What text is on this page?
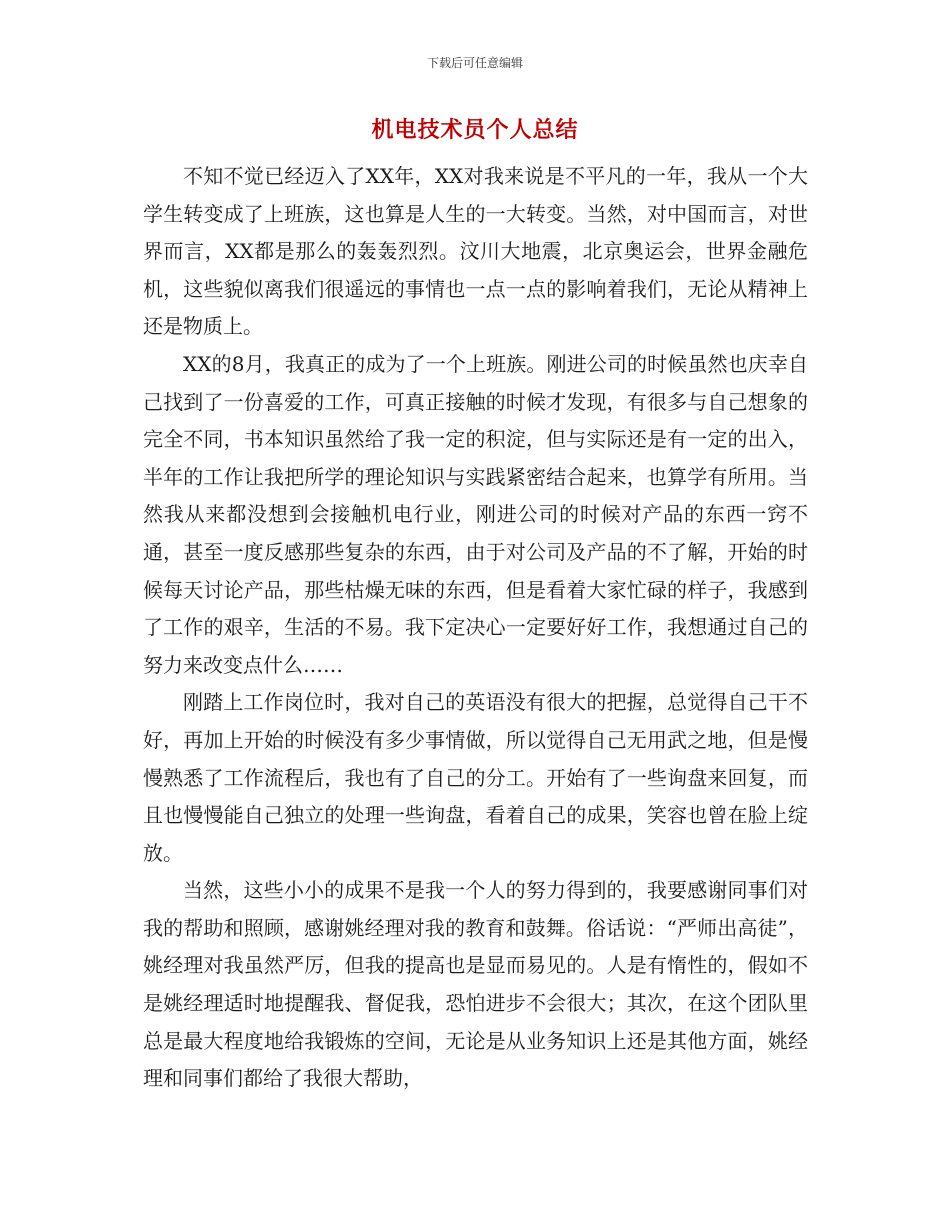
下载后可任意编辑
机电技术员个人总结

不知不觉已经迈入了XX年，XX对我来说是不平凡的一年，我从一个大学生转变成了上班族，这也算是人生的一大转变。当然，对中国而言，对世界而言，XX都是那么的轰轰烈烈。汶川大地震，北京奥运会，世界金融危机，这些貌似离我们很遥远的事情也一点一点的影响着我们，无论从精神上还是物质上。

XX的8月，我真正的成为了一个上班族。刚进公司的时候虽然也庆幸自己找到了一份喜爱的工作，可真正接触的时候才发现，有很多与自己想象的完全不同，书本知识虽然给了我一定的积淀，但与实际还是有一定的出入，半年的工作让我把所学的理论知识与实践紧密结合起来，也算学有所用。当然我从来都没想到会接触机电行业，刚进公司的时候对产品的东西一窍不通，甚至一度反感那些复杂的东西，由于对公司及产品的不了解，开始的时候每天讨论产品，那些枯燥无味的东西，但是看着大家忙碌的样子，我感到了工作的艰辛，生活的不易。我下定决心一定要好好工作，我想通过自己的努力来改变点什么……

刚踏上工作岗位时，我对自己的英语没有很大的把握，总觉得自己干不好，再加上开始的时候没有多少事情做，所以觉得自己无用武之地，但是慢慢熟悉了工作流程后，我也有了自己的分工。开始有了一些询盘来回复，而且也慢慢能自己独立的处理一些询盘，看着自己的成果，笑容也曾在脸上绽放。

当然，这些小小的成果不是我一个人的努力得到的，我要感谢同事们对我的帮助和照顾，感谢姚经理对我的教育和鼓舞。俗话说：“严师出高徒”，姚经理对我虽然严厉，但我的提高也是显而易见的。人是有惰性的，假如不是姚经理适时地提醒我、督促我，恐怕进步不会很大；其次，在这个团队里总是最大程度地给我锻炼的空间，无论是从业务知识上还是其他方面，姚经理和同事们都给了我很大帮助，
